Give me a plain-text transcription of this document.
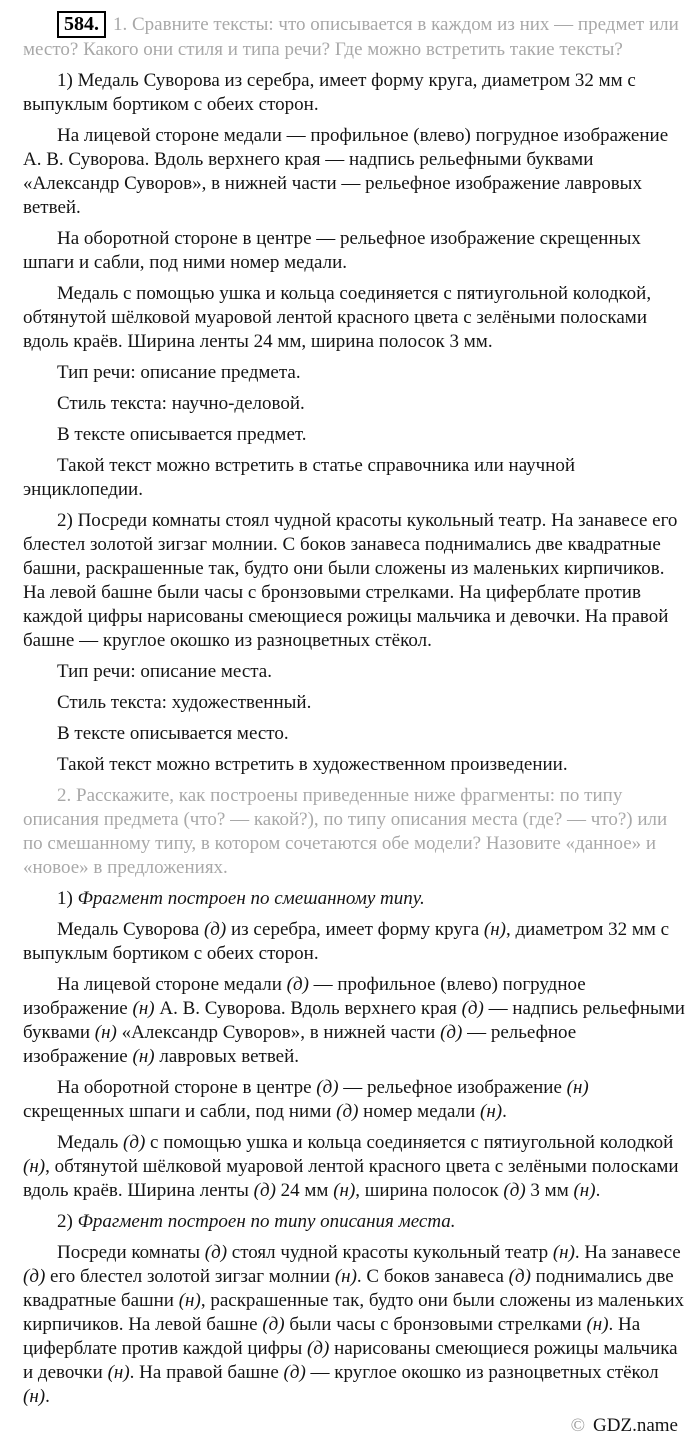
584. 1. Сравните тексты: что описывается в каждом из них — предмет или место? Какого они стиля и типа речи? Где можно встретить такие тексты?

1) Медаль Суворова из серебра, имеет форму круга, диаметром 32 мм с выпуклым бортиком с обеих сторон.

На лицевой стороне медали — профильное (влево) погрудное изображение А. В. Суворова. Вдоль верхнего края — надпись рельефными буквами «Александр Суворов», в нижней части — рельефное изображение лавровых ветвей.

На оборотной стороне в центре — рельефное изображение скрещенных шпаги и сабли, под ними номер медали.

Медаль с помощью ушка и кольца соединяется с пятиугольной колодкой, обтянутой шёлковой муаровой лентой красного цвета с зелёными полосками вдоль краёв. Ширина ленты 24 мм, ширина полосок 3 мм.

Тип речи: описание предмета.

Стиль текста: научно-деловой.

В тексте описывается предмет.

Такой текст можно встретить в статье справочника или научной энциклопедии.

2) Посреди комнаты стоял чудной красоты кукольный театр. На занавесе его блестел золотой зигзаг молнии. С боков занавеса поднимались две квадратные башни, раскрашенные так, будто они были сложены из маленьких кирпичиков. На левой башне были часы с бронзовыми стрелками. На циферблате против каждой цифры нарисованы смеющиеся рожицы мальчика и девочки. На правой башне — круглое окошко из разноцветных стёкол.

Тип речи: описание места.

Стиль текста: художественный.

В тексте описывается место.

Такой текст можно встретить в художественном произведении.

2. Расскажите, как построены приведенные ниже фрагменты: по типу описания предмета (что? — какой?), по типу описания места (где? — что?) или по смешанному типу, в котором сочетаются обе модели? Назовите «данное» и «новое» в предложениях.

1) Фрагмент построен по смешанному типу.

Медаль Суворова (д) из серебра, имеет форму круга (н), диаметром 32 мм с выпуклым бортиком с обеих сторон.

На лицевой стороне медали (д) — профильное (влево) погрудное изображение (н) А. В. Суворова. Вдоль верхнего края (д) — надпись рельефными буквами (н) «Александр Суворов», в нижней части (д) — рельефное изображение (н) лавровых ветвей.

На оборотной стороне в центре (д) — рельефное изображение (н) скрещенных шпаги и сабли, под ними (д) номер медали (н).

Медаль (д) с помощью ушка и кольца соединяется с пятиугольной колодкой (н), обтянутой шёлковой муаровой лентой красного цвета с зелёными полосками вдоль краёв. Ширина ленты (д) 24 мм (н), ширина полосок (д) 3 мм (н).

2) Фрагмент построен по типу описания места.

Посреди комнаты (д) стоял чудной красоты кукольный театр (н). На занавесе (д) его блестел золотой зигзаг молнии (н). С боков занавеса (д) поднимались две квадратные башни (н), раскрашенные так, будто они были сложены из маленьких кирпичиков. На левой башне (д) были часы с бронзовыми стрелками (н). На циферблате против каждой цифры (д) нарисованы смеющиеся рожицы мальчика и девочки (н). На правой башне (д) — круглое окошко из разноцветных стёкол (н).

© GDZ.name
